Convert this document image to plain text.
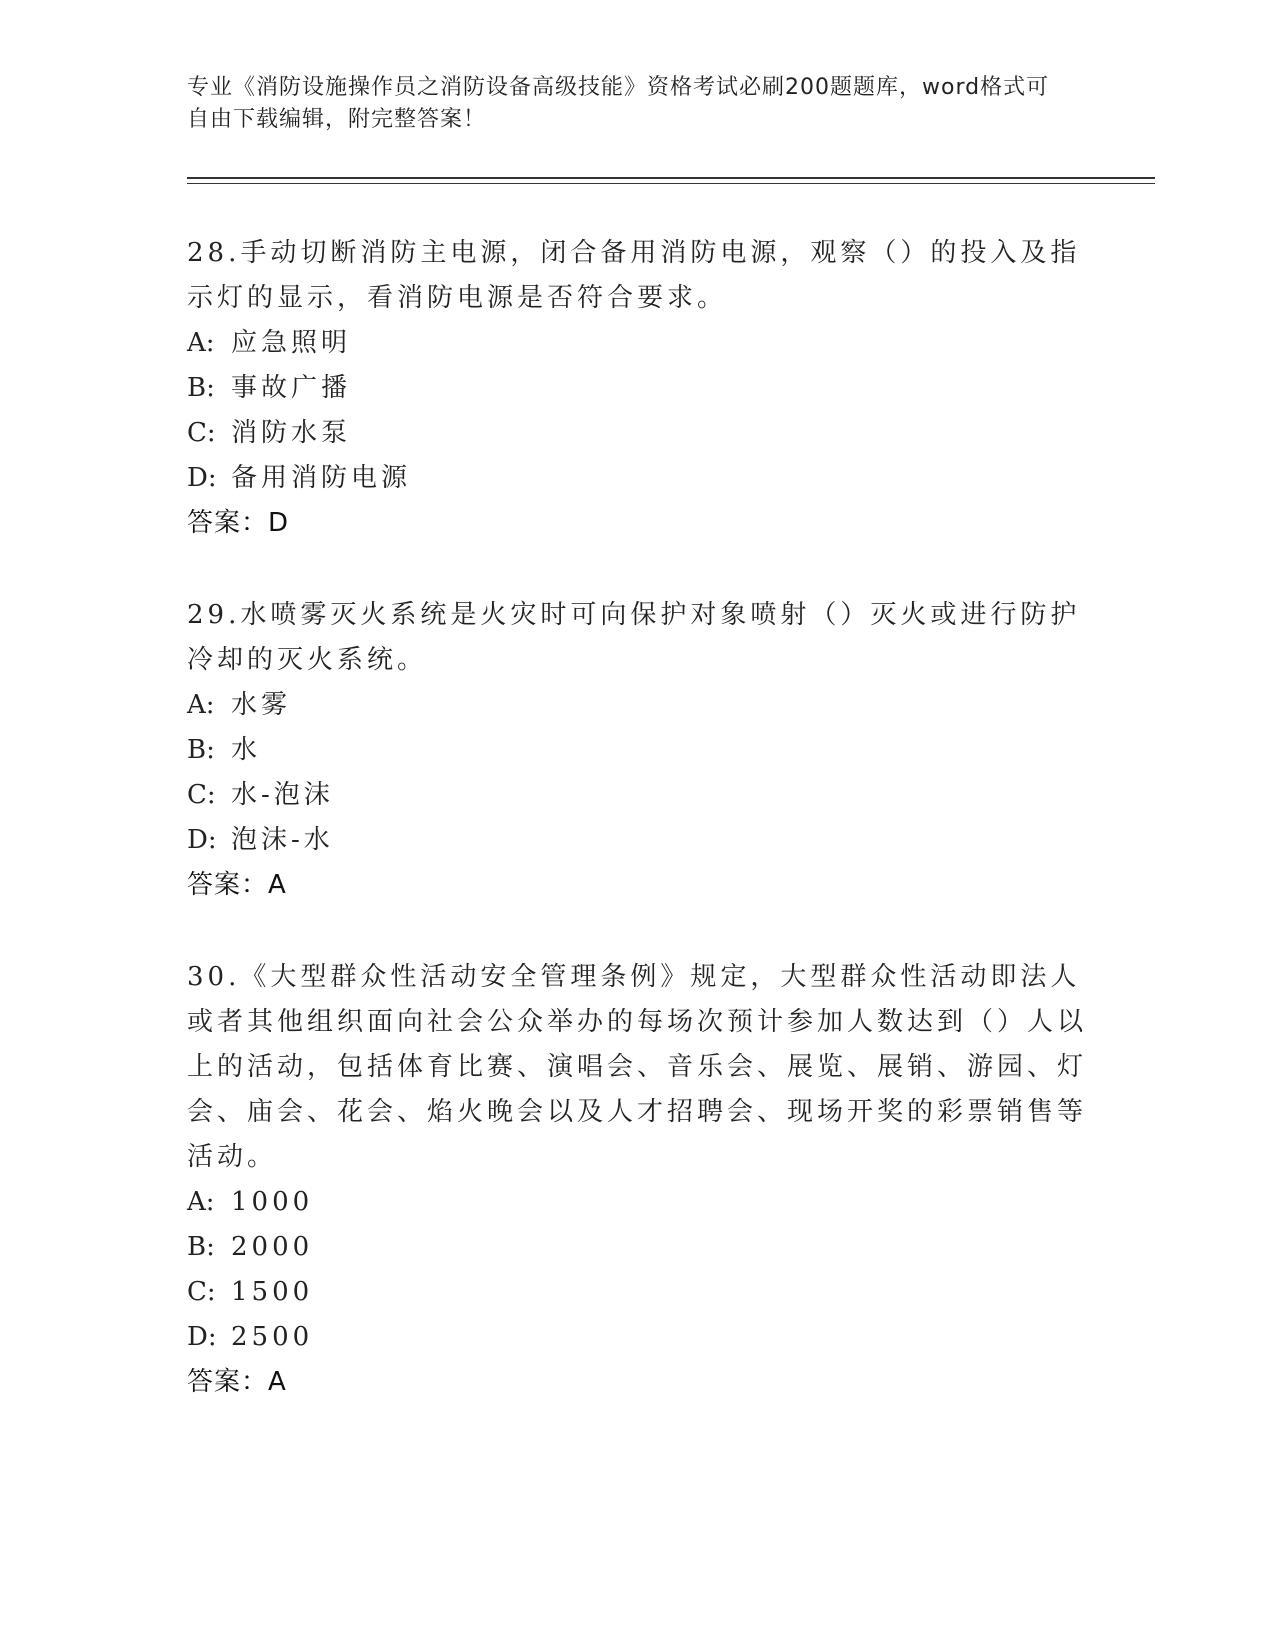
专业《消防设施操作员之消防设备高级技能》资格考试必刷200题题库，word格式可自由下载编辑，附完整答案！
28.手动切断消防主电源，闭合备用消防电源，观察（）的投入及指示灯的显示，看消防电源是否符合要求。
A: 应急照明
B: 事故广播
C: 消防水泵
D: 备用消防电源
答案：D
29.水喷雾灭火系统是火灾时可向保护对象喷射（）灭火或进行防护冷却的灭火系统。
A: 水雾
B: 水
C: 水-泡沫
D: 泡沫-水
答案：A
30.《大型群众性活动安全管理条例》规定，大型群众性活动即法人或者其他组织面向社会公众举办的每场次预计参加人数达到（）人以上的活动，包括体育比赛、演唱会、音乐会、展览、展销、游园、灯会、庙会、花会、焰火晚会以及人才招聘会、现场开奖的彩票销售等活动。
A: 1000
B: 2000
C: 1500
D: 2500
答案：A
